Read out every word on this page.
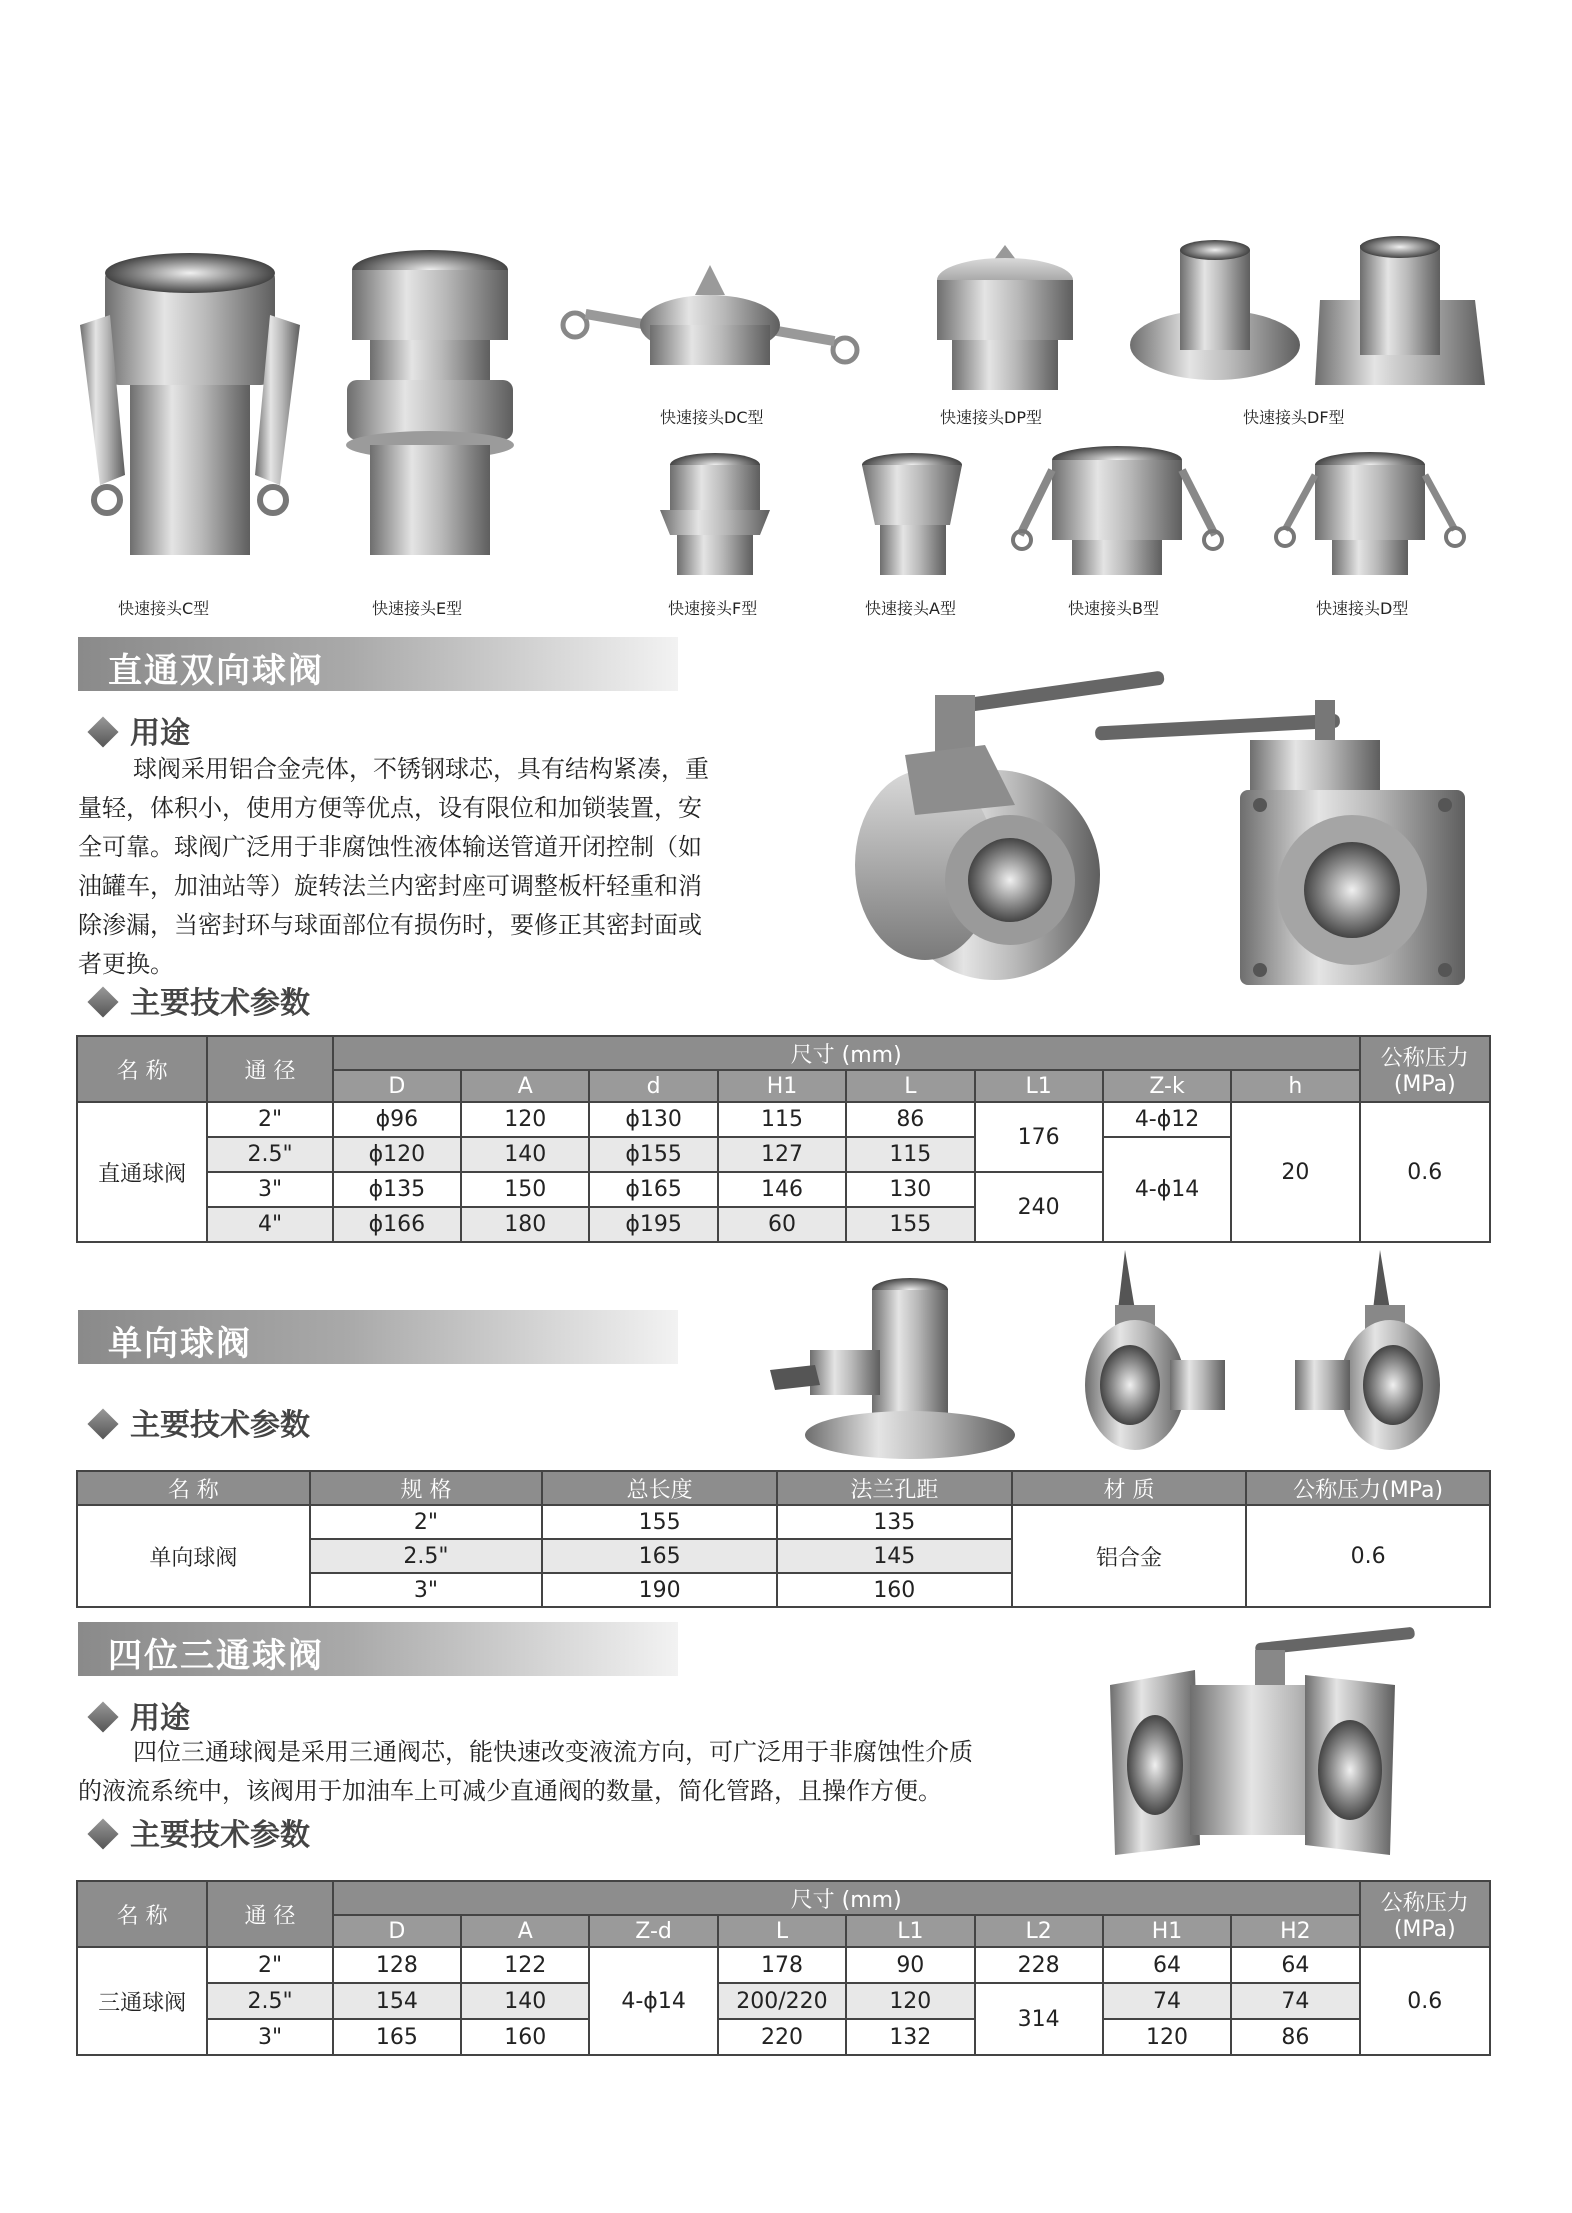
快速接头C型	快速接头E型
快速接头DC型	快速接头DP型	快速接头DF型
快速接头F型	快速接头A型	快速接头B型	快速接头D型
直通双向球阀
用途
球阀采用铝合金壳体，不锈钢球芯，具有结构紧凑，重
量轻，体积小，使用方便等优点，设有限位和加锁装置，安
全可靠。球阀广泛用于非腐蚀性液体输送管道开闭控制（如
油罐车，加油站等）旋转法兰内密封座可调整板杆轻重和消
除渗漏，当密封环与球面部位有损伤时，要修正其密封面或
者更换。
主要技术参数
名 称	通 径	尺寸 (mm)								公称压力
(MPa)

		D	A	d	H1	L	L1	Z-k	h	
直通球阀	2"	ϕ96	120	ϕ130	115	86	176	4-ϕ12	20	0.6
	2.5"	ϕ120	140	ϕ155	127	115		4-ϕ14		
	3"	ϕ135	150	ϕ165	146	130	240			
	4"	ϕ166	180	ϕ195	60	155				
单向球阀
主要技术参数
名 称	规 格	总长度	法兰孔距	材 质	公称压力(MPa)
单向球阀	2"	155	135	铝合金	0.6
	2.5"	165	145		
	3"	190	160		
四位三通球阀
用途
四位三通球阀是采用三通阀芯，能快速改变液流方向，可广泛用于非腐蚀性介质
的液流系统中，该阀用于加油车上可减少直通阀的数量，简化管路，且操作方便。
主要技术参数
名 称	通 径	尺寸 (mm)								公称压力
(MPa)

		D	A	Z-d	L	L1	L2	H1	H2	
三通球阀	2"	128	122	4-ϕ14	178	90	228	64	64	0.6
	2.5"	154	140		200/220	120	314	74	74	
	3"	165	160		220	132		120	86	
